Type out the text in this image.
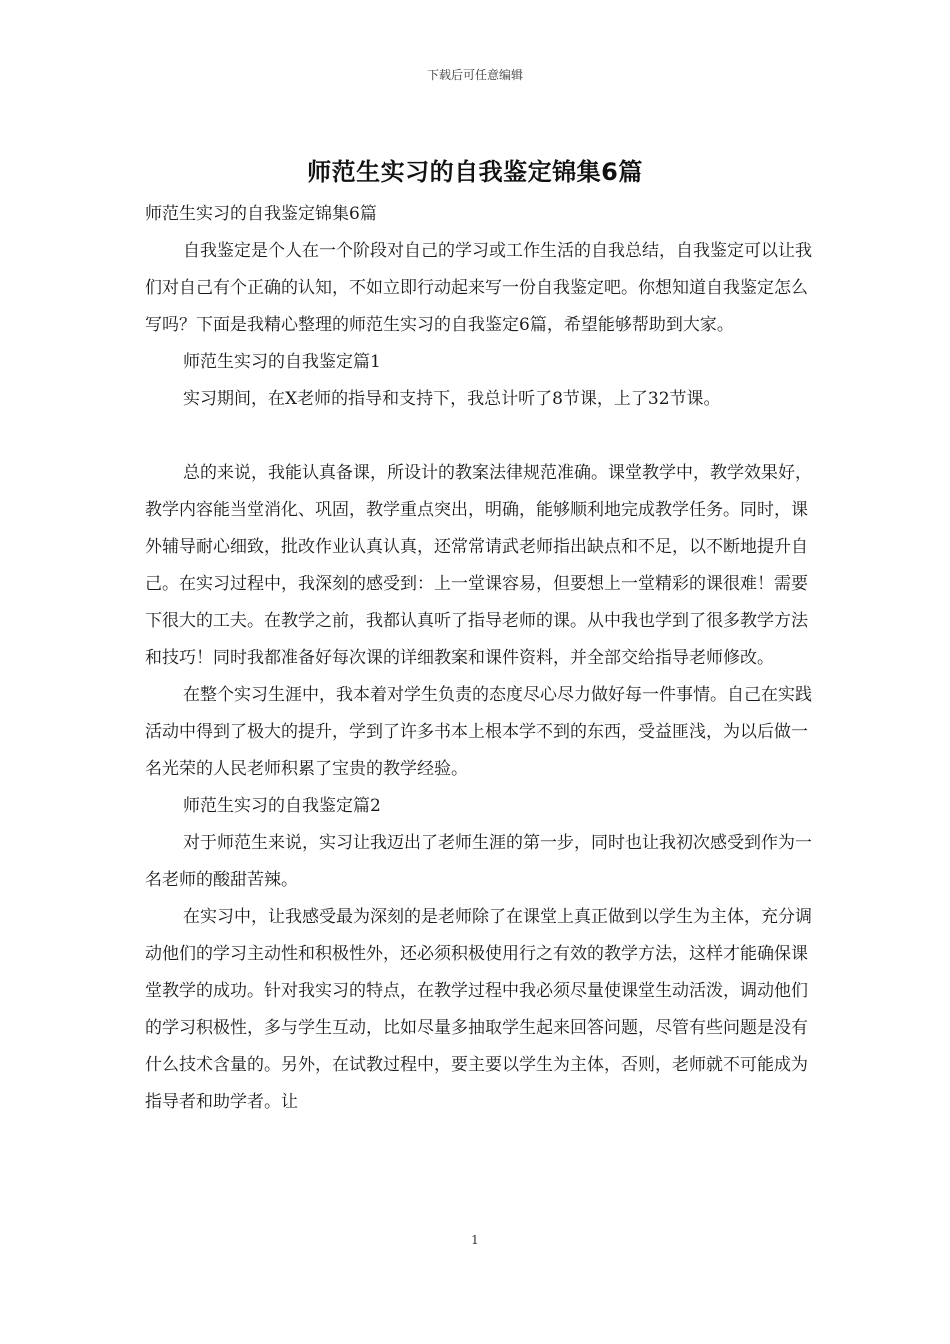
下载后可任意编辑
师范生实习的自我鉴定锦集6篇

师范生实习的自我鉴定锦集6篇

自我鉴定是个人在一个阶段对自己的学习或工作生活的自我总结，自我鉴定可以让我们对自己有个正确的认知，不如立即行动起来写一份自我鉴定吧。你想知道自我鉴定怎么写吗？下面是我精心整理的师范生实习的自我鉴定6篇，希望能够帮助到大家。

师范生实习的自我鉴定篇1

实习期间，在X老师的指导和支持下，我总计听了8节课，上了32节课。

总的来说，我能认真备课，所设计的教案法律规范准确。课堂教学中，教学效果好，教学内容能当堂消化、巩固，教学重点突出，明确，能够顺利地完成教学任务。同时，课外辅导耐心细致，批改作业认真认真，还常常请武老师指出缺点和不足，以不断地提升自己。在实习过程中，我深刻的感受到：上一堂课容易，但要想上一堂精彩的课很难！需要下很大的工夫。在教学之前，我都认真听了指导老师的课。从中我也学到了很多教学方法和技巧！同时我都准备好每次课的详细教案和课件资料，并全部交给指导老师修改。

在整个实习生涯中，我本着对学生负责的态度尽心尽力做好每一件事情。自己在实践活动中得到了极大的提升，学到了许多书本上根本学不到的东西，受益匪浅，为以后做一名光荣的人民老师积累了宝贵的教学经验。

师范生实习的自我鉴定篇2

对于师范生来说，实习让我迈出了老师生涯的第一步，同时也让我初次感受到作为一名老师的酸甜苦辣。

在实习中，让我感受最为深刻的是老师除了在课堂上真正做到以学生为主体，充分调动他们的学习主动性和积极性外，还必须积极使用行之有效的教学方法，这样才能确保课堂教学的成功。针对我实习的特点，在教学过程中我必须尽量使课堂生动活泼，调动他们的学习积极性，多与学生互动，比如尽量多抽取学生起来回答问题，尽管有些问题是没有什么技术含量的。另外，在试教过程中，要主要以学生为主体，否则，老师就不可能成为指导者和助学者。让

1
